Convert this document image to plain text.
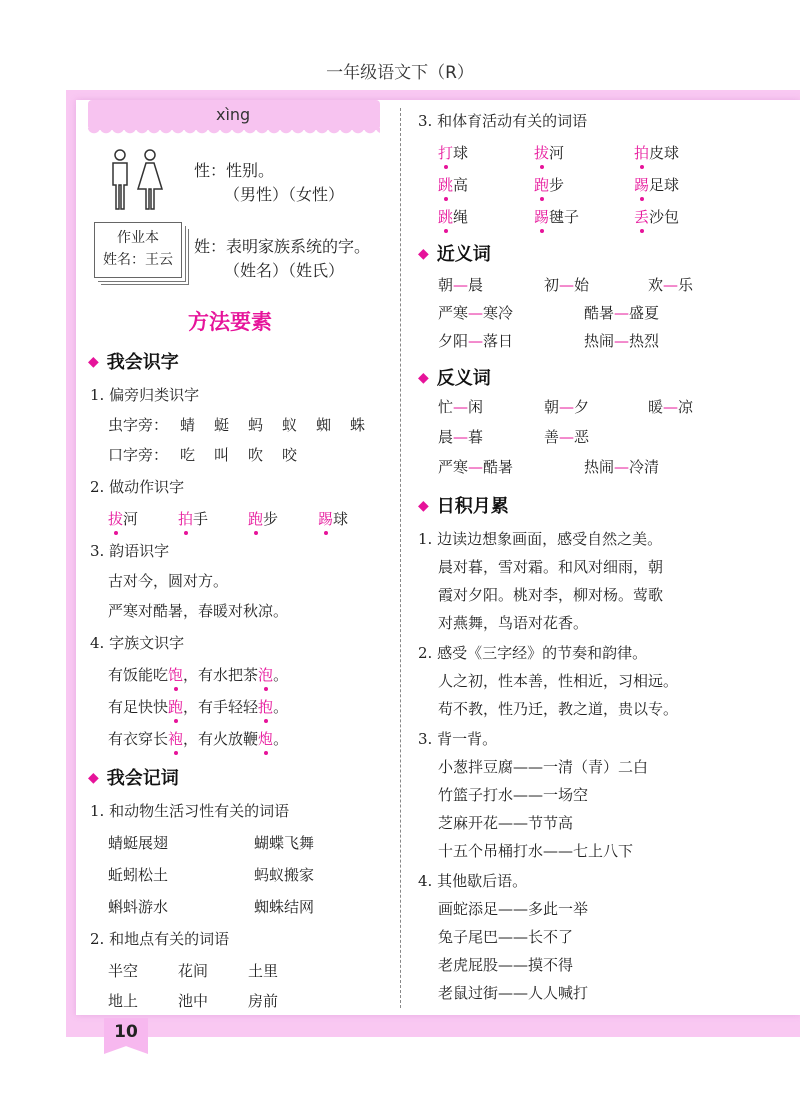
一年级语文下（R）
10
xìng
性：性别。
（男性）（女性）
作业本
姓名：王云
姓：表明家族系统的字。
（姓名）（姓氏）
方法要素
◆ 我会识字
1. 偏旁归类识字
虫字旁： 蜻 蜓 蚂 蚁 蜘 蛛
口字旁： 吃 叫 吹 咬
2. 做动作识字
拔河	拍手	跑步	踢球
3. 韵语识字
古对今，圆对方。
严寒对酷暑，春暖对秋凉。
4. 字族文识字
有饭能吃饱，有水把茶泡。
有足快快跑，有手轻轻抱。
有衣穿长袍，有火放鞭炮。
◆ 我会记词
1. 和动物生活习性有关的词语
蜻蜓展翅	蝴蝶飞舞
蚯蚓松土	蚂蚁搬家
蝌蚪游水	蜘蛛结网
2. 和地点有关的词语
半空	花间	土里
地上	池中	房前
3. 和体育活动有关的词语
打球	拔河	拍皮球
跳高	跑步	踢足球
跳绳	踢毽子	丢沙包
◆ 近义词
朝—晨	初—始	欢—乐
严寒—寒冷	酷暑—盛夏
夕阳—落日	热闹—热烈
◆ 反义词
忙—闲	朝—夕	暖—凉
晨—暮	善—恶
严寒—酷暑	热闹—冷清
◆ 日积月累
1. 边读边想象画面，感受自然之美。
晨对暮，雪对霜。和风对细雨，朝
霞对夕阳。桃对李，柳对杨。莺歌
对燕舞，鸟语对花香。
2. 感受《三字经》的节奏和韵律。
人之初，性本善，性相近，习相远。
苟不教，性乃迁，教之道，贵以专。
3. 背一背。
小葱拌豆腐——一清（青）二白
竹篮子打水——一场空
芝麻开花——节节高
十五个吊桶打水——七上八下
4. 其他歇后语。
画蛇添足——多此一举
兔子尾巴——长不了
老虎屁股——摸不得
老鼠过街——人人喊打
